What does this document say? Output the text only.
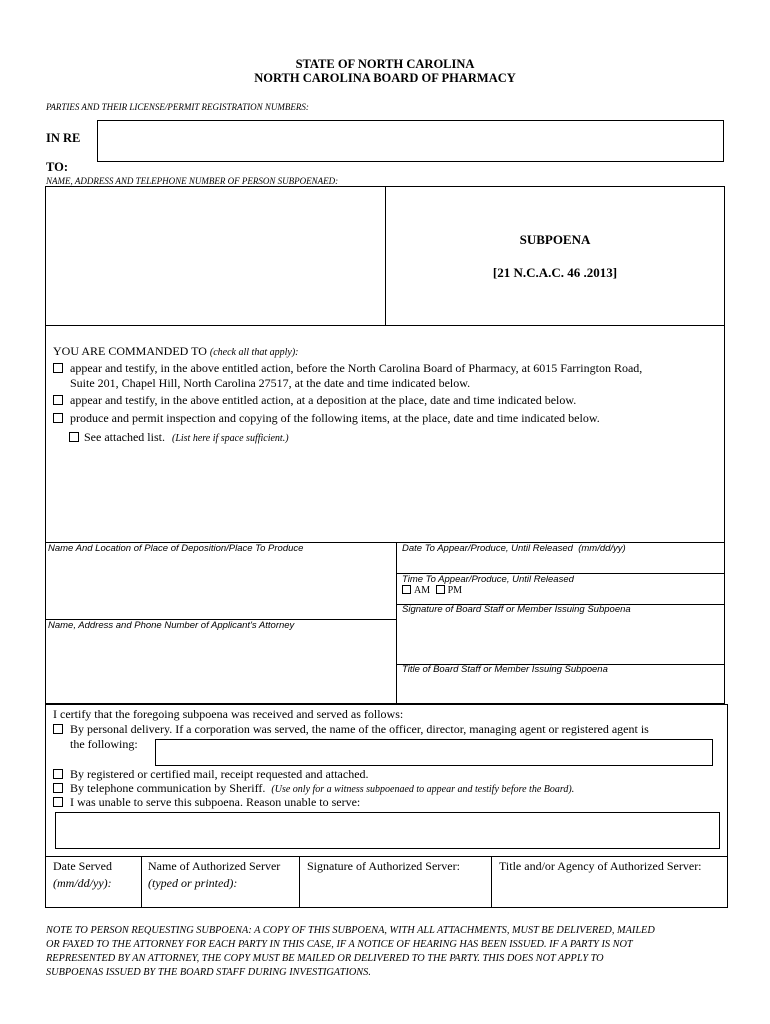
STATE OF NORTH CAROLINA
NORTH CAROLINA BOARD OF PHARMACY
PARTIES AND THEIR LICENSE/PERMIT REGISTRATION NUMBERS:
IN RE
TO:
NAME, ADDRESS AND TELEPHONE NUMBER OF PERSON SUBPOENAED:
SUBPOENA
[21 N.C.A.C. 46 .2013]
YOU ARE COMMANDED TO (check all that apply):
appear and testify, in the above entitled action, before the North Carolina Board of Pharmacy, at 6015 Farrington Road,
Suite 201, Chapel Hill, North Carolina 27517, at the date and time indicated below.
appear and testify, in the above entitled action, at a deposition at the place, date and time indicated below.
produce and permit inspection and copying of the following items, at the place, date and time indicated below.
See attached list. (List here if space sufficient.)
Name And Location of Place of Deposition/Place To Produce	Date To Appear/Produce, Until Released (mm/dd/yy)
Time To Appear/Produce, Until Released
AM PM
Signature of Board Staff or Member Issuing Subpoena
Name, Address and Phone Number of Applicant's Attorney
Title of Board Staff or Member Issuing Subpoena
I certify that the foregoing subpoena was received and served as follows:
By personal delivery. If a corporation was served, the name of the officer, director, managing agent or registered agent is
the following:
By registered or certified mail, receipt requested and attached.
By telephone communication by Sheriff. (Use only for a witness subpoenaed to appear and testify before the Board).
I was unable to serve this subpoena. Reason unable to serve:
Date Served
(mm/dd/yy):
Name of Authorized Server
(typed or printed):
Signature of Authorized Server:	Title and/or Agency of Authorized Server:
NOTE TO PERSON REQUESTING SUBPOENA: A COPY OF THIS SUBPOENA, WITH ALL ATTACHMENTS, MUST BE DELIVERED, MAILED
OR FAXED TO THE ATTORNEY FOR EACH PARTY IN THIS CASE, IF A NOTICE OF HEARING HAS BEEN ISSUED. IF A PARTY IS NOT
REPRESENTED BY AN ATTORNEY, THE COPY MUST BE MAILED OR DELIVERED TO THE PARTY. THIS DOES NOT APPLY TO
SUBPOENAS ISSUED BY THE BOARD STAFF DURING INVESTIGATIONS.
